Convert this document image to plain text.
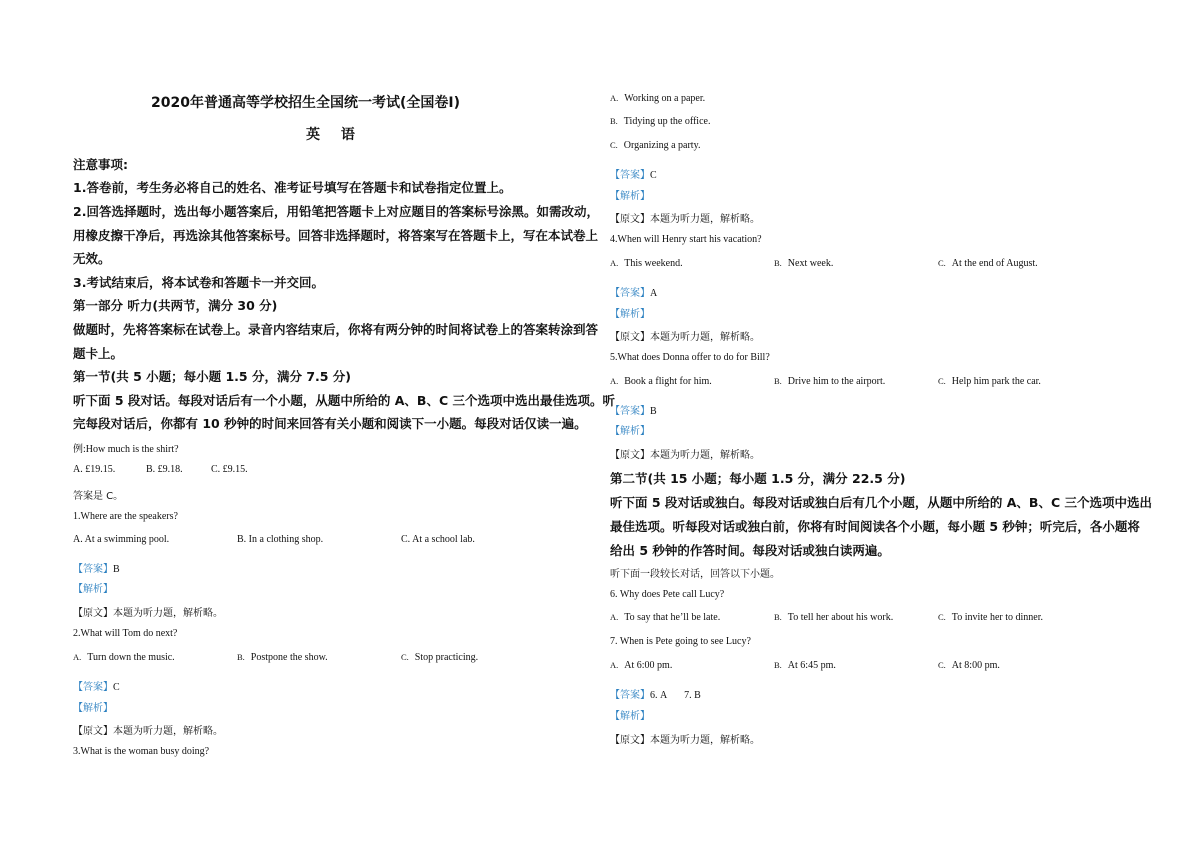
2020年普通高等学校招生全国统一考试(全国卷Ⅰ)
英 语
注意事项:
1.答卷前，考生务必将自己的姓名、准考证号填写在答题卡和试卷指定位置上。
2.回答选择题时，选出每小题答案后，用铅笔把答题卡上对应题目的答案标号涂黑。如需改动，
用橡皮擦干净后，再选涂其他答案标号。回答非选择题时，将答案写在答题卡上，写在本试卷上
无效。
3.考试结束后，将本试卷和答题卡一并交回。
第一部分 听力(共两节，满分 30 分)
做题时，先将答案标在试卷上。录音内容结束后，你将有两分钟的时间将试卷上的答案转涂到答
题卡上。
第一节(共 5 小题；每小题 1.5 分，满分 7.5 分)
听下面 5 段对话。每段对话后有一个小题，从题中所给的 A、B、C 三个选项中选出最佳选项。听
完每段对话后，你都有 10 秒钟的时间来回答有关小题和阅读下一小题。每段对话仅读一遍。
例:How much is the shirt?
A. £19.15.	B. £9.18.	C. £9.15.
答案是 C。
1.Where are the speakers?
A. At a swimming pool.	B. In a clothing shop.	C. At a school lab.
【答案】B
【解析】
【原文】本题为听力题，解析略。
2.What will Tom do next?
A. Turn down the music.	B. Postpone the show.	C. Stop practicing.
【答案】C
【解析】
【原文】本题为听力题，解析略。
3.What is the woman busy doing?

A. Working on a paper.
B. Tidying up the office.
C. Organizing a party.
【答案】C
【解析】
【原文】本题为听力题，解析略。
4.When will Henry start his vacation?
A. This weekend.	B. Next week.	C. At the end of August.
【答案】A
【解析】
【原文】本题为听力题，解析略。
5.What does Donna offer to do for Bill?
A. Book a flight for him.	B. Drive him to the airport.	C. Help him park the car.
【答案】B
【解析】
【原文】本题为听力题，解析略。
第二节(共 15 小题；每小题 1.5 分，满分 22.5 分)
听下面 5 段对话或独白。每段对话或独白后有几个小题，从题中所给的 A、B、C 三个选项中选出
最佳选项。听每段对话或独白前，你将有时间阅读各个小题，每小题 5 秒钟；听完后，各小题将
给出 5 秒钟的作答时间。每段对话或独白读两遍。
听下面一段较长对话，回答以下小题。
6. Why does Pete call Lucy?
A. To say that he’ll be late.	B. To tell her about his work.	C. To invite her to dinner.
7. When is Pete going to see Lucy?
A. At 6:00 pm.	B. At 6:45 pm.	C. At 8:00 pm.
【答案】6. A       7. B
【解析】
【原文】本题为听力题，解析略。
